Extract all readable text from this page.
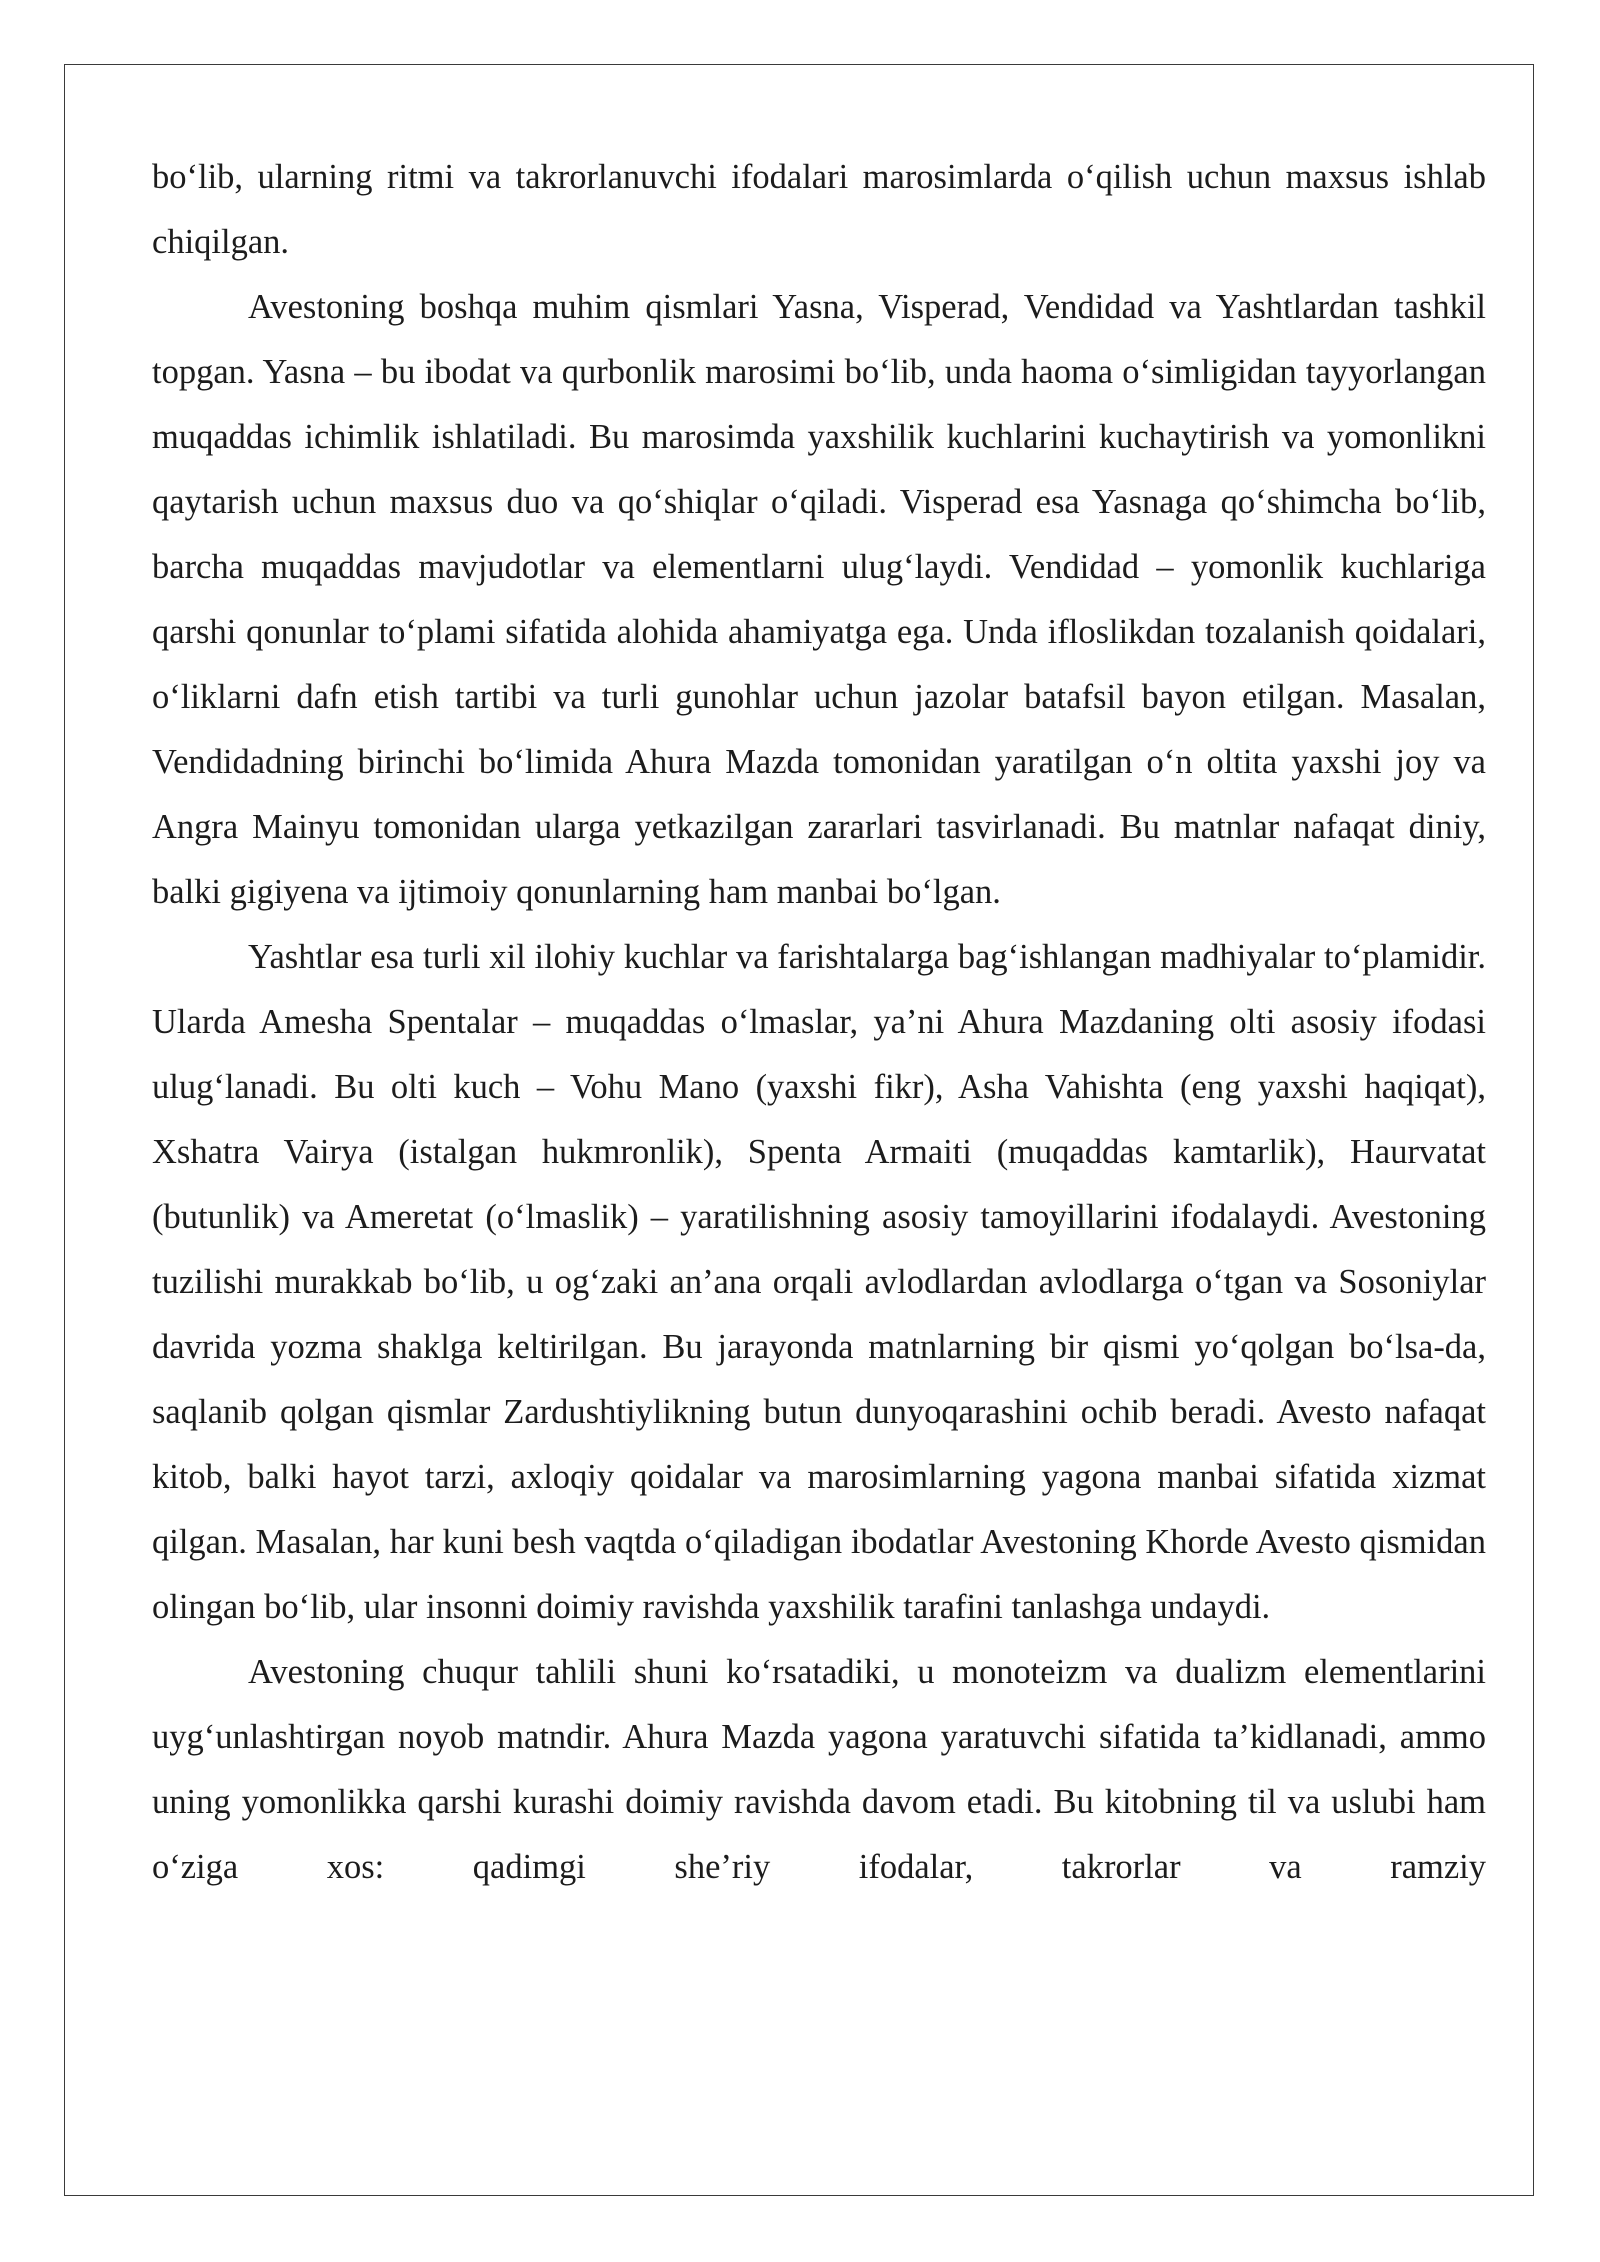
bo‘lib, ularning ritmi va takrorlanuvchi ifodalari marosimlarda o‘qilish uchun maxsus ishlab chiqilgan.

Avestoning boshqa muhim qismlari Yasna, Visperad, Vendidad va Yashtlardan tashkil topgan. Yasna – bu ibodat va qurbonlik marosimi bo‘lib, unda haoma o‘simligidan tayyorlangan muqaddas ichimlik ishlatiladi. Bu marosimda yaxshilik kuchlarini kuchaytirish va yomonlikni qaytarish uchun maxsus duo va qo‘shiqlar o‘qiladi. Visperad esa Yasnaga qo‘shimcha bo‘lib, barcha muqaddas mavjudotlar va elementlarni ulug‘laydi. Vendidad – yomonlik kuchlariga qarshi qonunlar to‘plami sifatida alohida ahamiyatga ega. Unda ifloslikdan tozalanish qoidalari, o‘liklarni dafn etish tartibi va turli gunohlar uchun jazolar batafsil bayon etilgan. Masalan, Vendidadning birinchi bo‘limida Ahura Mazda tomonidan yaratilgan o‘n oltita yaxshi joy va Angra Mainyu tomonidan ularga yetkazilgan zararlari tasvirlanadi. Bu matnlar nafaqat diniy, balki gigiyena va ijtimoiy qonunlarning ham manbai bo‘lgan.

Yashtlar esa turli xil ilohiy kuchlar va farishtalarga bag‘ishlangan madhiyalar to‘plamidir. Ularda Amesha Spentalar – muqaddas o‘lmaslar, ya’ni Ahura Mazdaning olti asosiy ifodasi ulug‘lanadi. Bu olti kuch – Vohu Mano (yaxshi fikr), Asha Vahishta (eng yaxshi haqiqat), Xshatra Vairya (istalgan hukmronlik), Spenta Armaiti (muqaddas kamtarlik), Haurvatat (butunlik) va Ameretat (o‘lmaslik) – yaratilishning asosiy tamoyillarini ifodalaydi. Avestoning tuzilishi murakkab bo‘lib, u og‘zaki an’ana orqali avlodlardan avlodlarga o‘tgan va Sosoniylar davrida yozma shaklga keltirilgan. Bu jarayonda matnlarning bir qismi yo‘qolgan bo‘lsa-da, saqlanib qolgan qismlar Zardushtiylikning butun dunyoqarashini ochib beradi. Avesto nafaqat kitob, balki hayot tarzi, axloqiy qoidalar va marosimlarning yagona manbai sifatida xizmat qilgan. Masalan, har kuni besh vaqtda o‘qiladigan ibodatlar Avestoning Khorde Avesto qismidan olingan bo‘lib, ular insonni doimiy ravishda yaxshilik tarafini tanlashga undaydi.

Avestoning chuqur tahlili shuni ko‘rsatadiki, u monoteizm va dualizm elementlarini uyg‘unlashtirgan noyob matndir. Ahura Mazda yagona yaratuvchi sifatida ta’kidlanadi, ammo uning yomonlikka qarshi kurashi doimiy ravishda davom etadi. Bu kitobning til va uslubi ham o‘ziga xos: qadimgi she’riy ifodalar, takrorlar va ramziy
